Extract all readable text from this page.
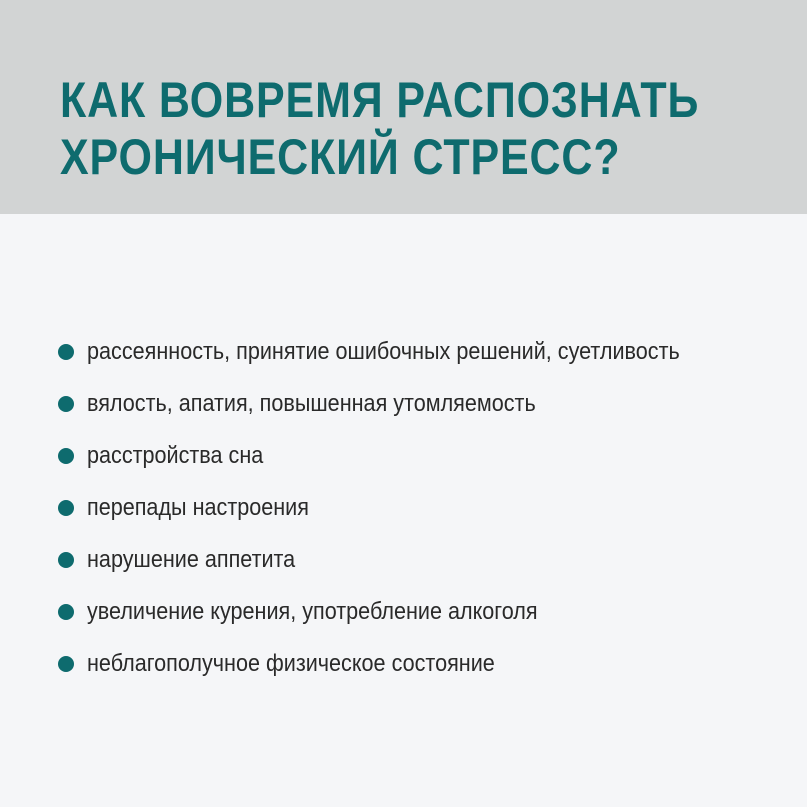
КАК ВОВРЕМЯ РАСПОЗНАТЬ
ХРОНИЧЕСКИЙ СТРЕСС?
рассеянность, принятие ошибочных решений, суетливость
вялость, апатия, повышенная утомляемость
расстройства сна
перепады настроения
нарушение аппетита
увеличение курения, употребление алкоголя
неблагополучное физическое состояние
